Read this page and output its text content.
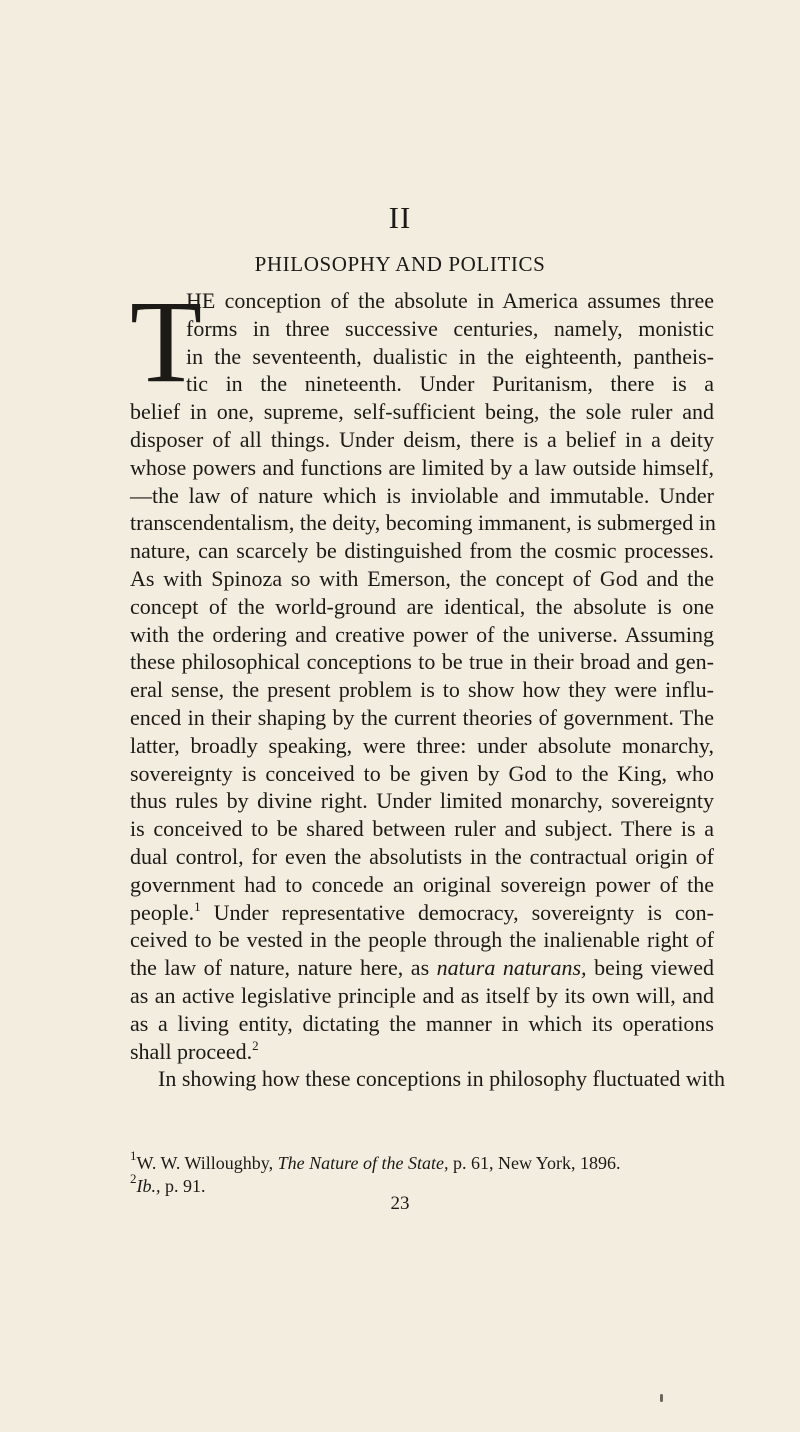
II
PHILOSOPHY AND POLITICS
T
HE conception of the absolute in America assumes three
forms in three successive centuries, namely, monistic
in the seventeenth, dualistic in the eighteenth, pantheis-
tic in the nineteenth. Under Puritanism, there is a
belief in one, supreme, self-sufficient being, the sole ruler and
disposer of all things. Under deism, there is a belief in a deity
whose powers and functions are limited by a law outside himself,
—the law of nature which is inviolable and immutable. Under
transcendentalism, the deity, becoming immanent, is submerged in
nature, can scarcely be distinguished from the cosmic processes.
As with Spinoza so with Emerson, the concept of God and the
concept of the world-ground are identical, the absolute is one
with the ordering and creative power of the universe. Assuming
these philosophical conceptions to be true in their broad and gen-
eral sense, the present problem is to show how they were influ-
enced in their shaping by the current theories of government. The
latter, broadly speaking, were three: under absolute monarchy,
sovereignty is conceived to be given by God to the King, who
thus rules by divine right. Under limited monarchy, sovereignty
is conceived to be shared between ruler and subject. There is a
dual control, for even the absolutists in the contractual origin of
government had to concede an original sovereign power of the
people.$^1$ Under representative democracy, sovereignty is con-
ceived to be vested in the people through the inalienable right of
the law of nature, nature here, as natura naturans, being viewed
as an active legislative principle and as itself by its own will, and
as a living entity, dictating the manner in which its operations
shall proceed.$^2$
In showing how these conceptions in philosophy fluctuated with
$^1$W. W. Willoughby, The Nature of the State, p. 61, New York, 1896.
$^2$Ib., p. 91.
23
